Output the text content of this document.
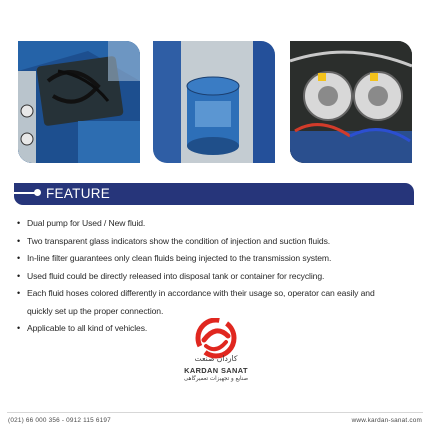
FEATURE
• Dual pump for Used / New fluid.
• Two transparent glass indicators show the condition of injection and suction fluids.
• In-line filter guarantees only clean fluids being injected to the transmission system.
• Used fluid could be directly released into disposal tank or container for recycling.
• Each fluid hoses colored differently in accordance with their usage so, operator can easily and
quickly set up the proper connection.
• Applicable to all kind of vehicles.
کاردان صنعت
KARDAN SANAT
صنایع و تجهیزات تعمیرگاهی
(021) 66 000 356 - 0912 115 6197	www.kardan-sanat.com
